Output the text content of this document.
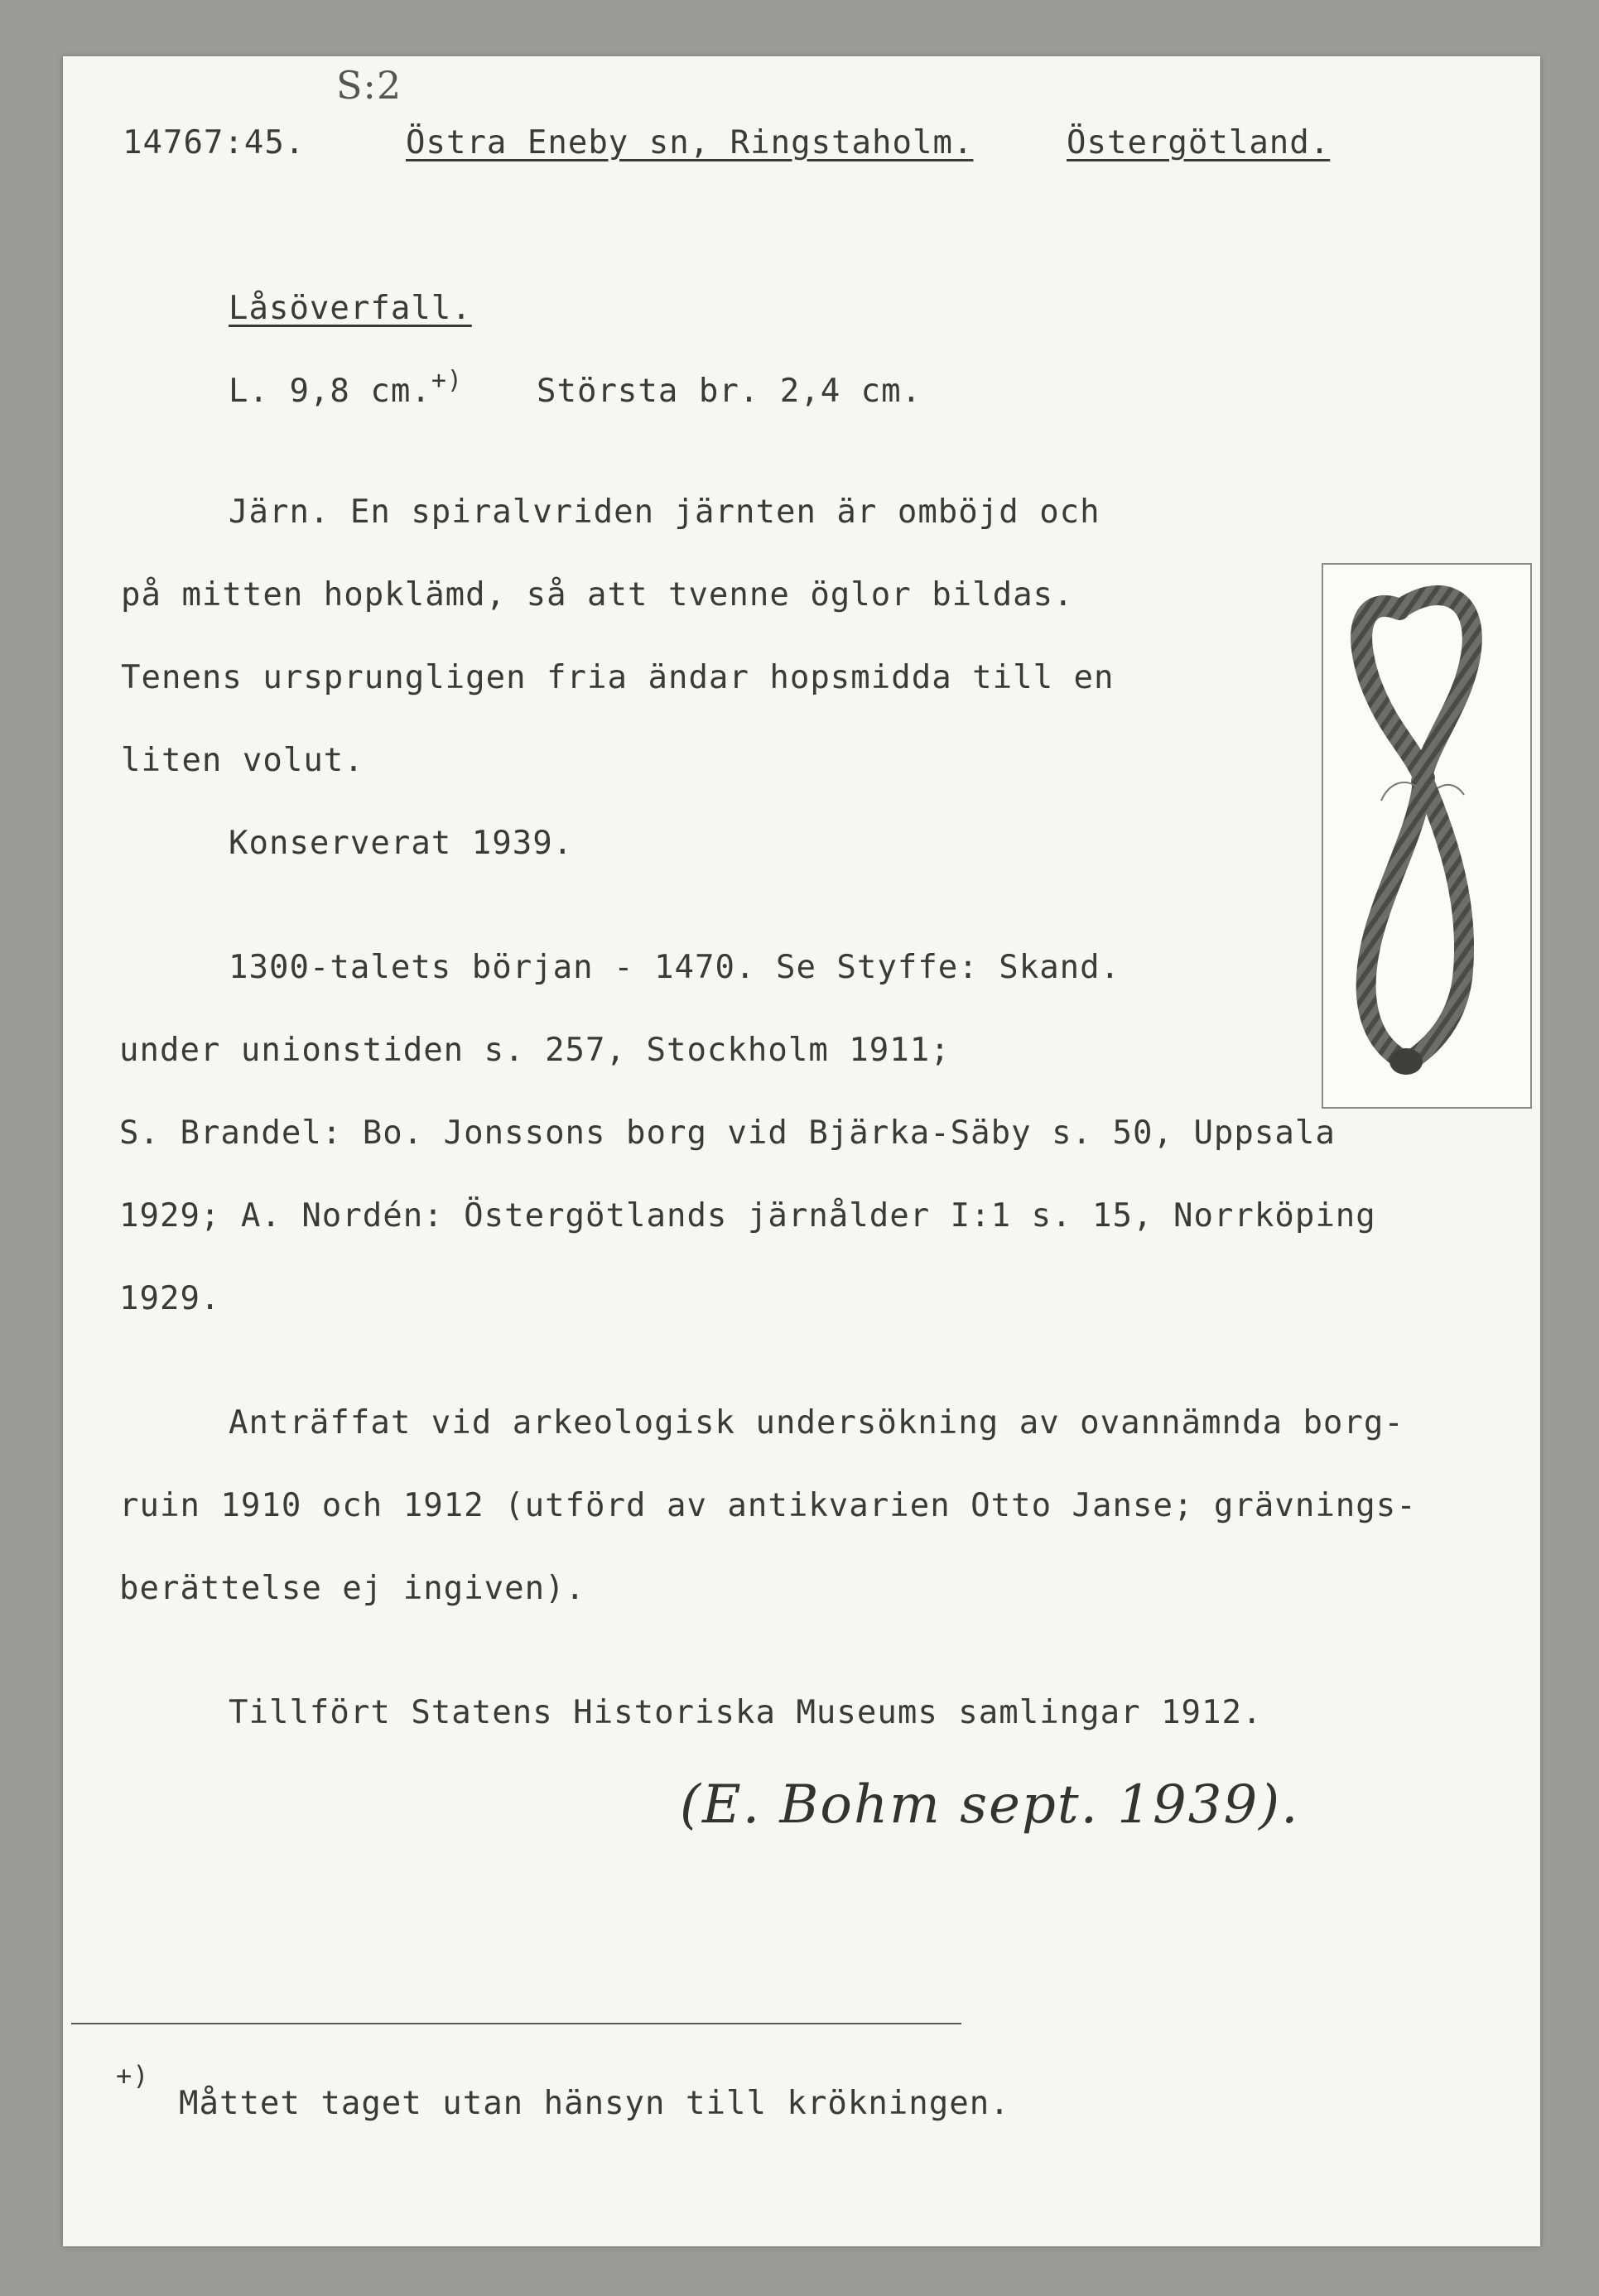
S:2
14767:45.	Östra Eneby sn, Ringstaholm.	Östergötland.
Låsöverfall.
L. 9,8 cm.+) Största br. 2,4 cm.
Järn. En spiralvriden järnten är omböjd och
på mitten hopklämd, så att tvenne öglor bildas.
Tenens ursprungligen fria ändar hopsmidda till en
liten volut.
Konserverat 1939.
1300-talets början - 1470. Se Styffe: Skand.
under unionstiden s. 257, Stockholm 1911;
S. Brandel: Bo. Jonssons borg vid Bjärka-Säby s. 50, Uppsala
1929; A. Nordén: Östergötlands järnålder I:1 s. 15, Norrköping
1929.
Anträffat vid arkeologisk undersökning av ovannämnda borg-
ruin 1910 och 1912 (utförd av antikvarien Otto Janse; grävnings-
berättelse ej ingiven).
Tillfört Statens Historiska Museums samlingar 1912.
(E. Bohm sept. 1939).
+)
Måttet taget utan hänsyn till krökningen.
